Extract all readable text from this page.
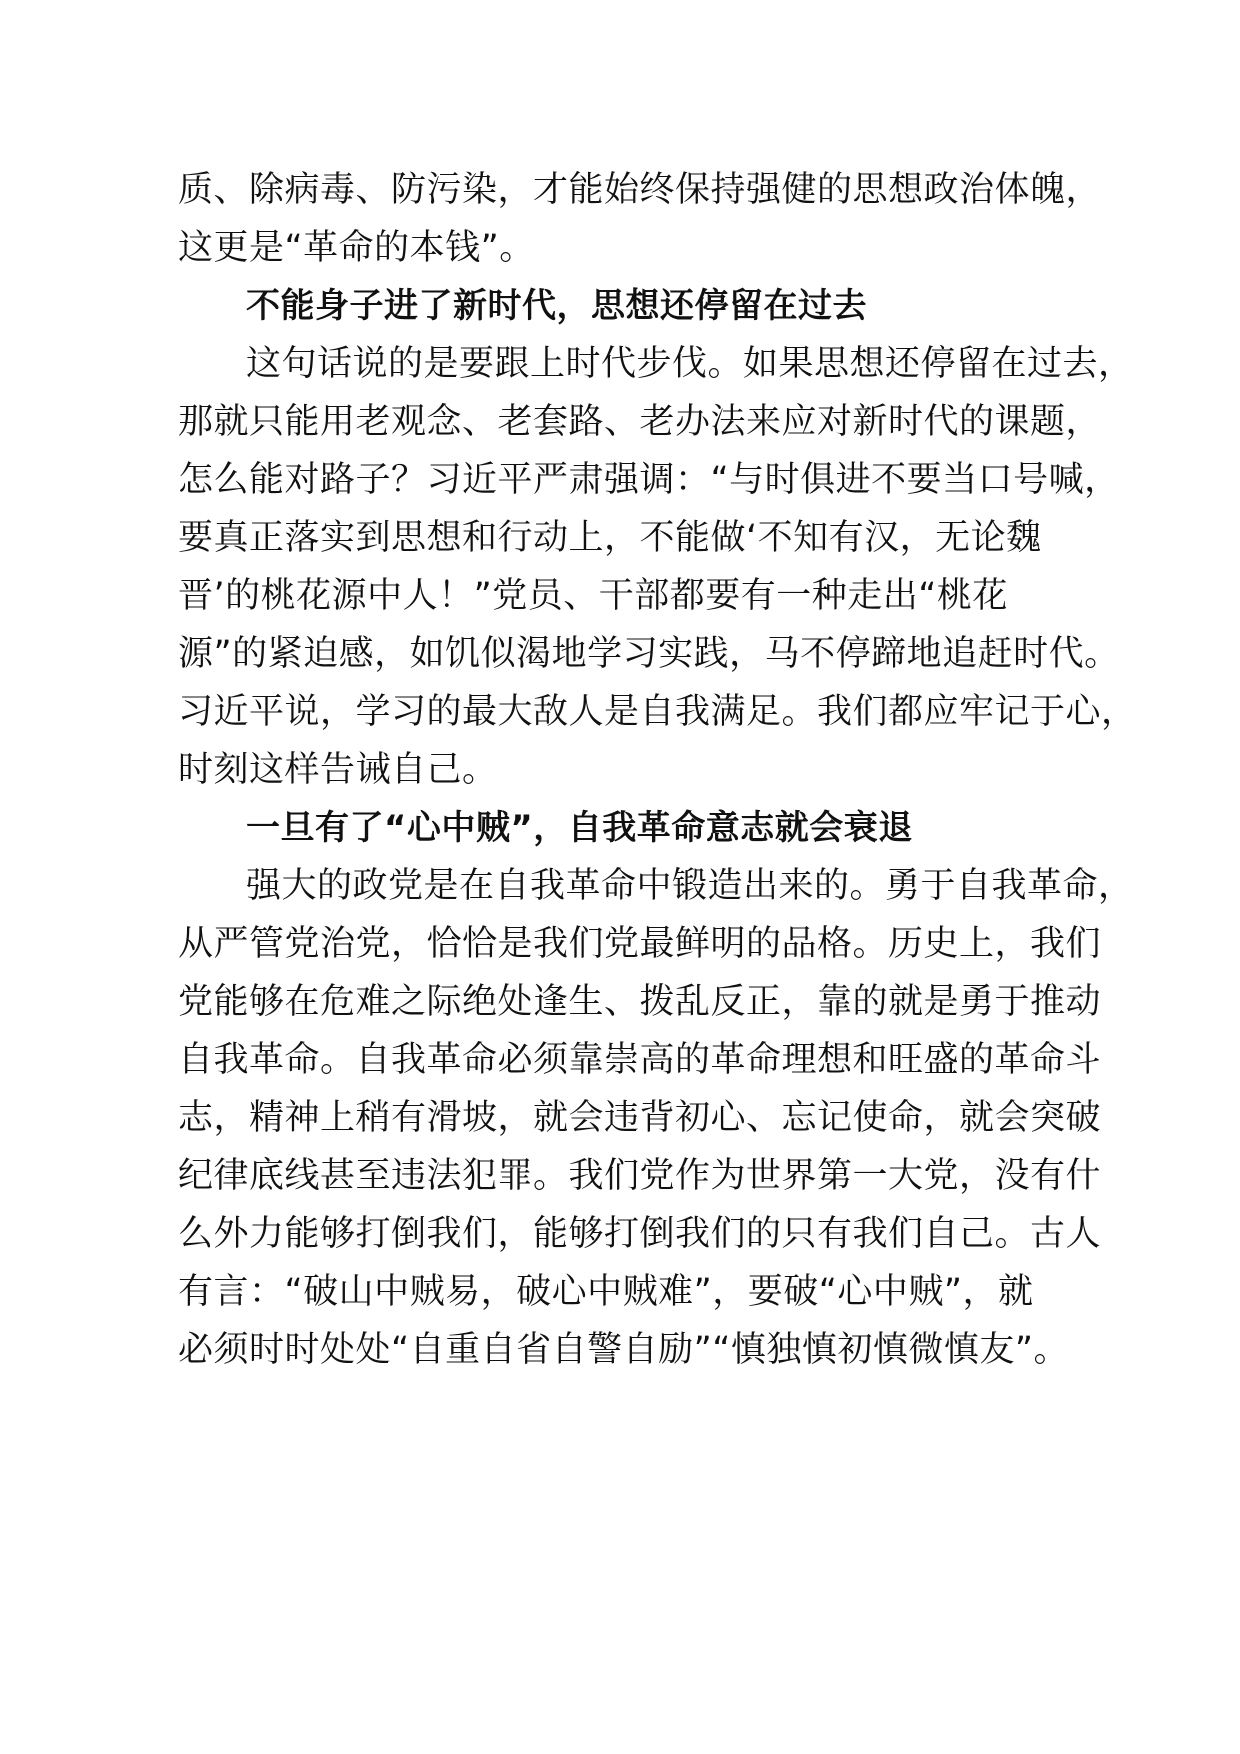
质、除病毒、防污染，才能始终保持强健的思想政治体魄，
这更是“革命的本钱”。
不能身子进了新时代，思想还停留在过去
这句话说的是要跟上时代步伐。如果思想还停留在过去，
那就只能用老观念、老套路、老办法来应对新时代的课题，
怎么能对路子？习近平严肃强调：“与时俱进不要当口号喊，
要真正落实到思想和行动上，不能做‘不知有汉，无论魏
晋’的桃花源中人！”党员、干部都要有一种走出“桃花
源”的紧迫感，如饥似渴地学习实践，马不停蹄地追赶时代。
习近平说，学习的最大敌人是自我满足。我们都应牢记于心，
时刻这样告诫自己。
一旦有了“心中贼”，自我革命意志就会衰退
强大的政党是在自我革命中锻造出来的。勇于自我革命，
从严管党治党，恰恰是我们党最鲜明的品格。历史上，我们
党能够在危难之际绝处逢生、拨乱反正，靠的就是勇于推动
自我革命。自我革命必须靠崇高的革命理想和旺盛的革命斗
志，精神上稍有滑坡，就会违背初心、忘记使命，就会突破
纪律底线甚至违法犯罪。我们党作为世界第一大党，没有什
么外力能够打倒我们，能够打倒我们的只有我们自己。古人
有言：“破山中贼易，破心中贼难”，要破“心中贼”，就
必须时时处处“自重自省自警自励”“慎独慎初慎微慎友”。
